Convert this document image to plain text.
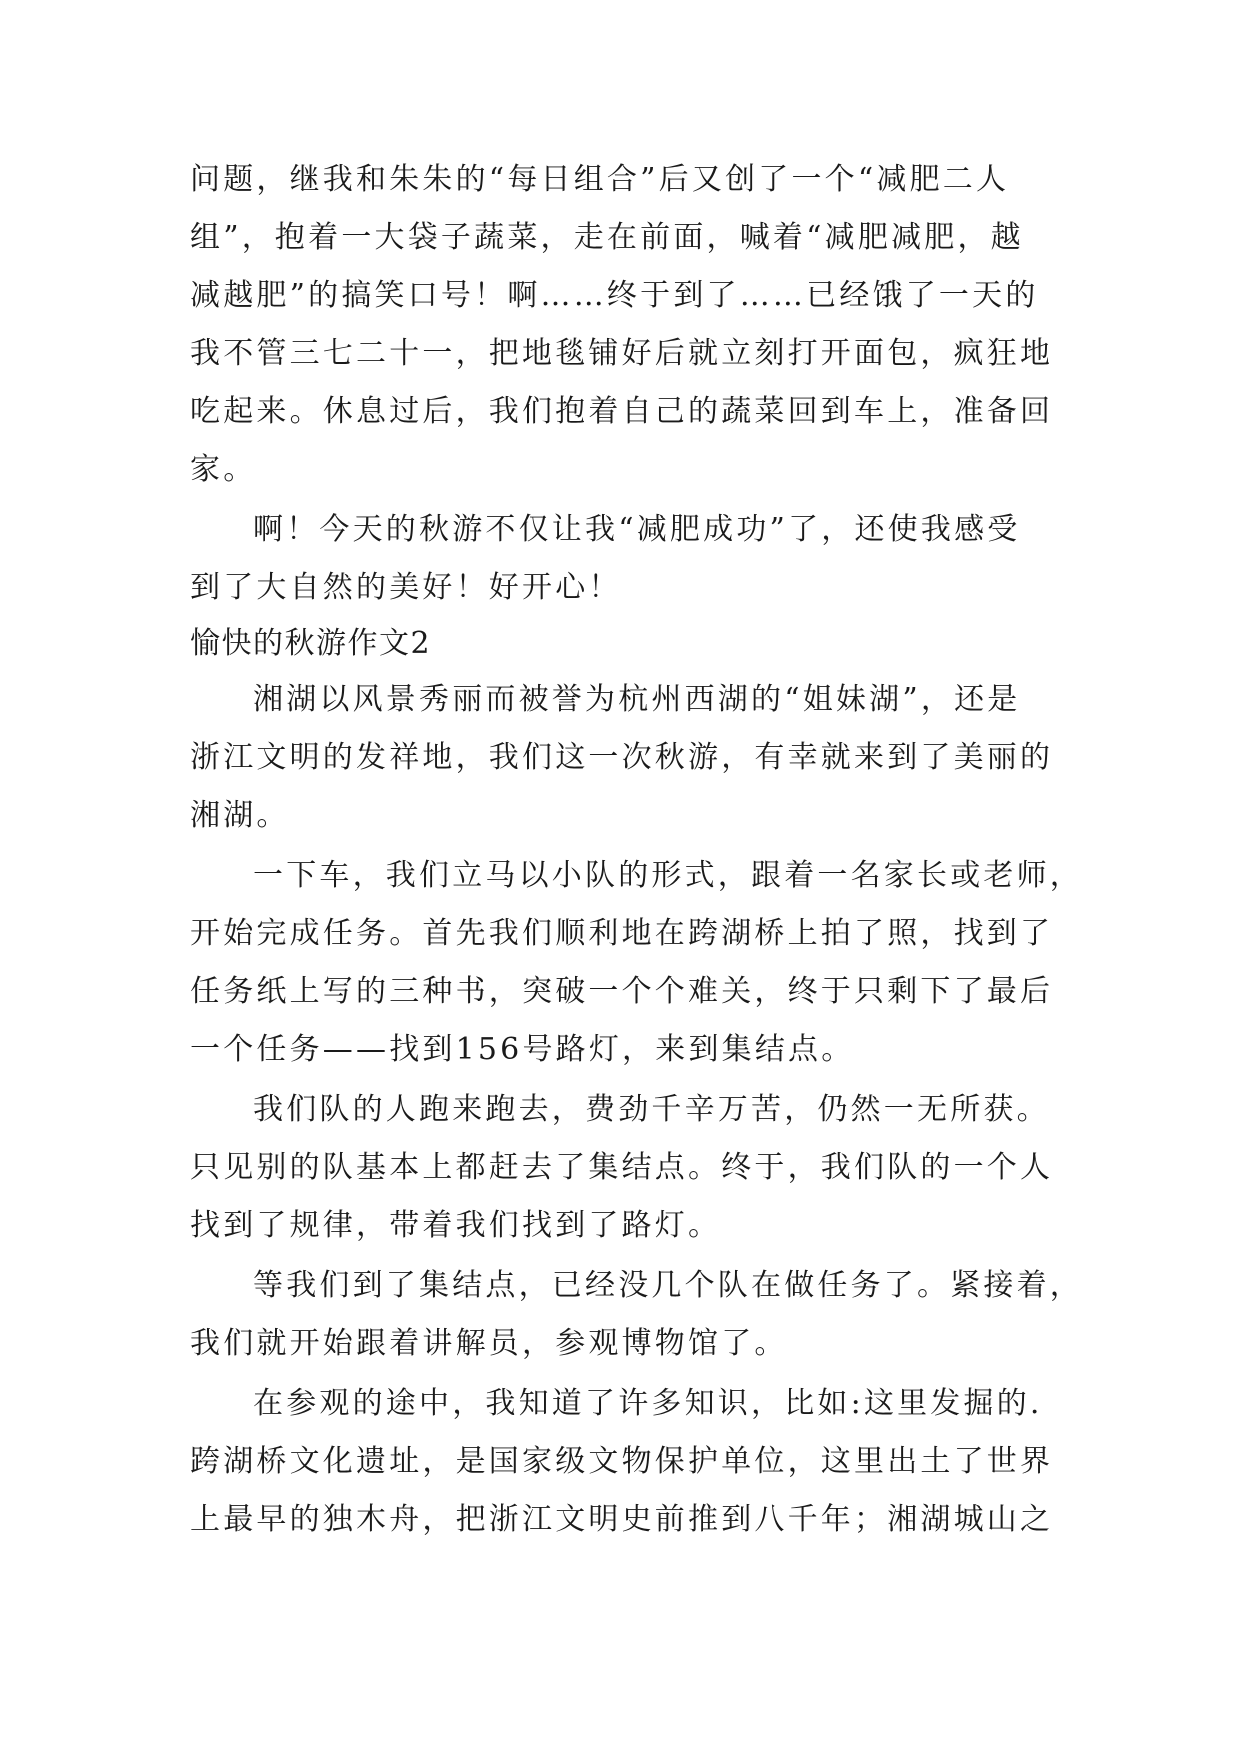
问题，继我和朱朱的“每日组合”后又创了一个“减肥二人
组”，抱着一大袋子蔬菜，走在前面，喊着“减肥减肥，越
减越肥”的搞笑口号！啊……终于到了……已经饿了一天的
我不管三七二十一，把地毯铺好后就立刻打开面包，疯狂地
吃起来。休息过后，我们抱着自己的蔬菜回到车上，准备回
家。
啊！今天的秋游不仅让我“减肥成功”了，还使我感受
到了大自然的美好！好开心！
愉快的秋游作文2
湘湖以风景秀丽而被誉为杭州西湖的“姐妹湖”，还是
浙江文明的发祥地，我们这一次秋游，有幸就来到了美丽的
湘湖。
一下车，我们立马以小队的形式，跟着一名家长或老师，
开始完成任务。首先我们顺利地在跨湖桥上拍了照，找到了
任务纸上写的三种书，突破一个个难关，终于只剩下了最后
一个任务——找到156号路灯，来到集结点。
我们队的人跑来跑去，费劲千辛万苦，仍然一无所获。
只见别的队基本上都赶去了集结点。终于，我们队的一个人
找到了规律，带着我们找到了路灯。
等我们到了集结点，已经没几个队在做任务了。紧接着，
我们就开始跟着讲解员，参观博物馆了。
在参观的途中，我知道了许多知识，比如:这里发掘的.
跨湖桥文化遗址，是国家级文物保护单位，这里出土了世界
上最早的独木舟，把浙江文明史前推到八千年；湘湖城山之
